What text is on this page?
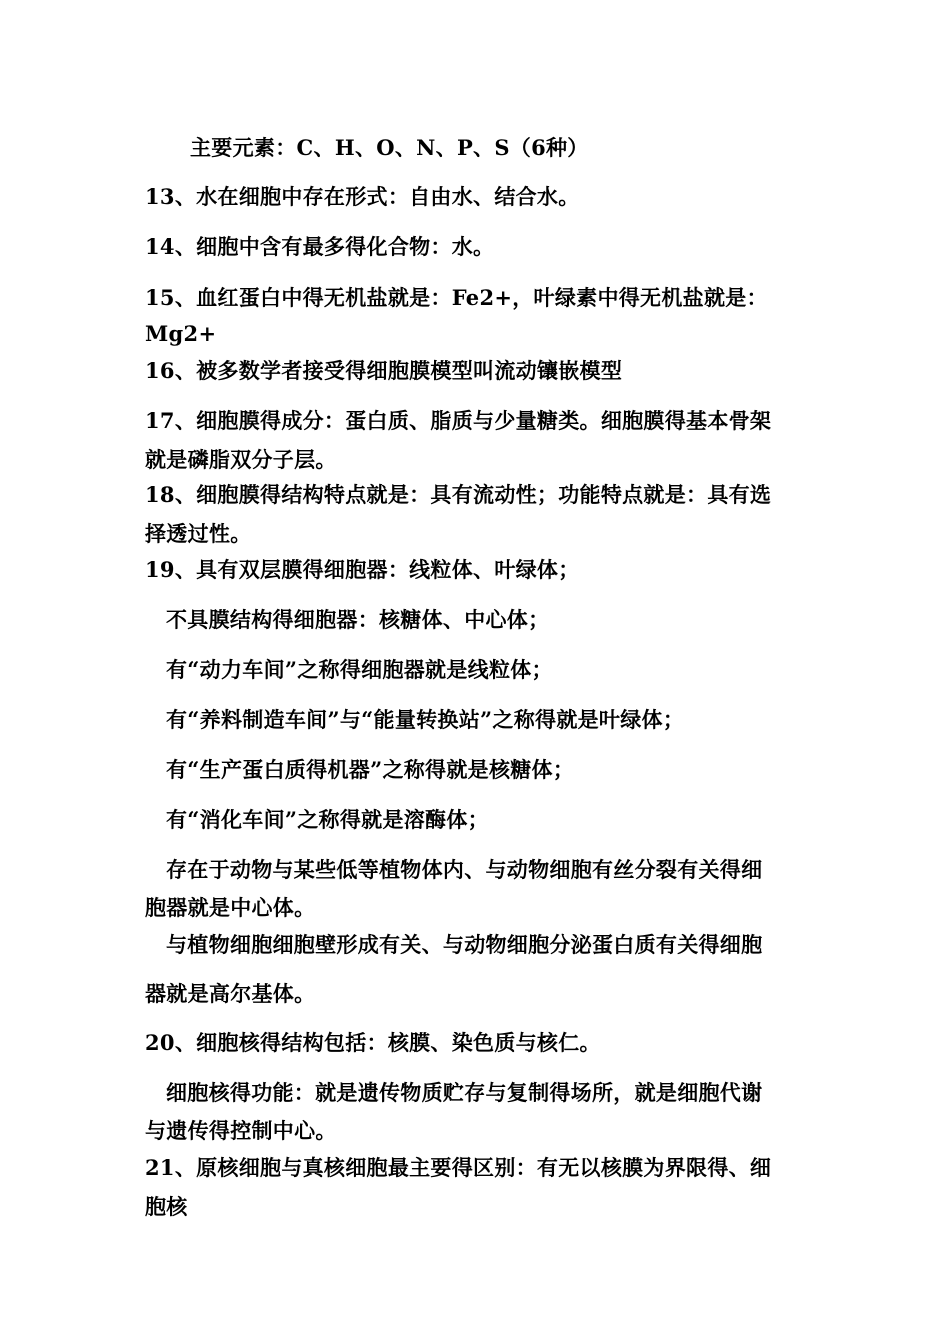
主要元素：C、H、O、N、P、S（6种）

13、水在细胞中存在形式：自由水、结合水。

14、细胞中含有最多得化合物：水。

15、血红蛋白中得无机盐就是：Fe2+，叶绿素中得无机盐就是：

Mg2+

16、被多数学者接受得细胞膜模型叫流动镶嵌模型

17、细胞膜得成分：蛋白质、脂质与少量糖类。细胞膜得基本骨架

就是磷脂双分子层。

18、细胞膜得结构特点就是：具有流动性；功能特点就是：具有选

择透过性。

19、具有双层膜得细胞器：线粒体、叶绿体；

不具膜结构得细胞器：核糖体、中心体；

有“动力车间”之称得细胞器就是线粒体；

有“养料制造车间”与“能量转换站”之称得就是叶绿体；

有“生产蛋白质得机器”之称得就是核糖体；

有“消化车间”之称得就是溶酶体；

存在于动物与某些低等植物体内、与动物细胞有丝分裂有关得细

胞器就是中心体。

与植物细胞细胞壁形成有关、与动物细胞分泌蛋白质有关得细胞

器就是高尔基体。

20、细胞核得结构包括：核膜、染色质与核仁。

细胞核得功能：就是遗传物质贮存与复制得场所，就是细胞代谢

与遗传得控制中心。

21、原核细胞与真核细胞最主要得区别：有无以核膜为界限得、细

胞核
